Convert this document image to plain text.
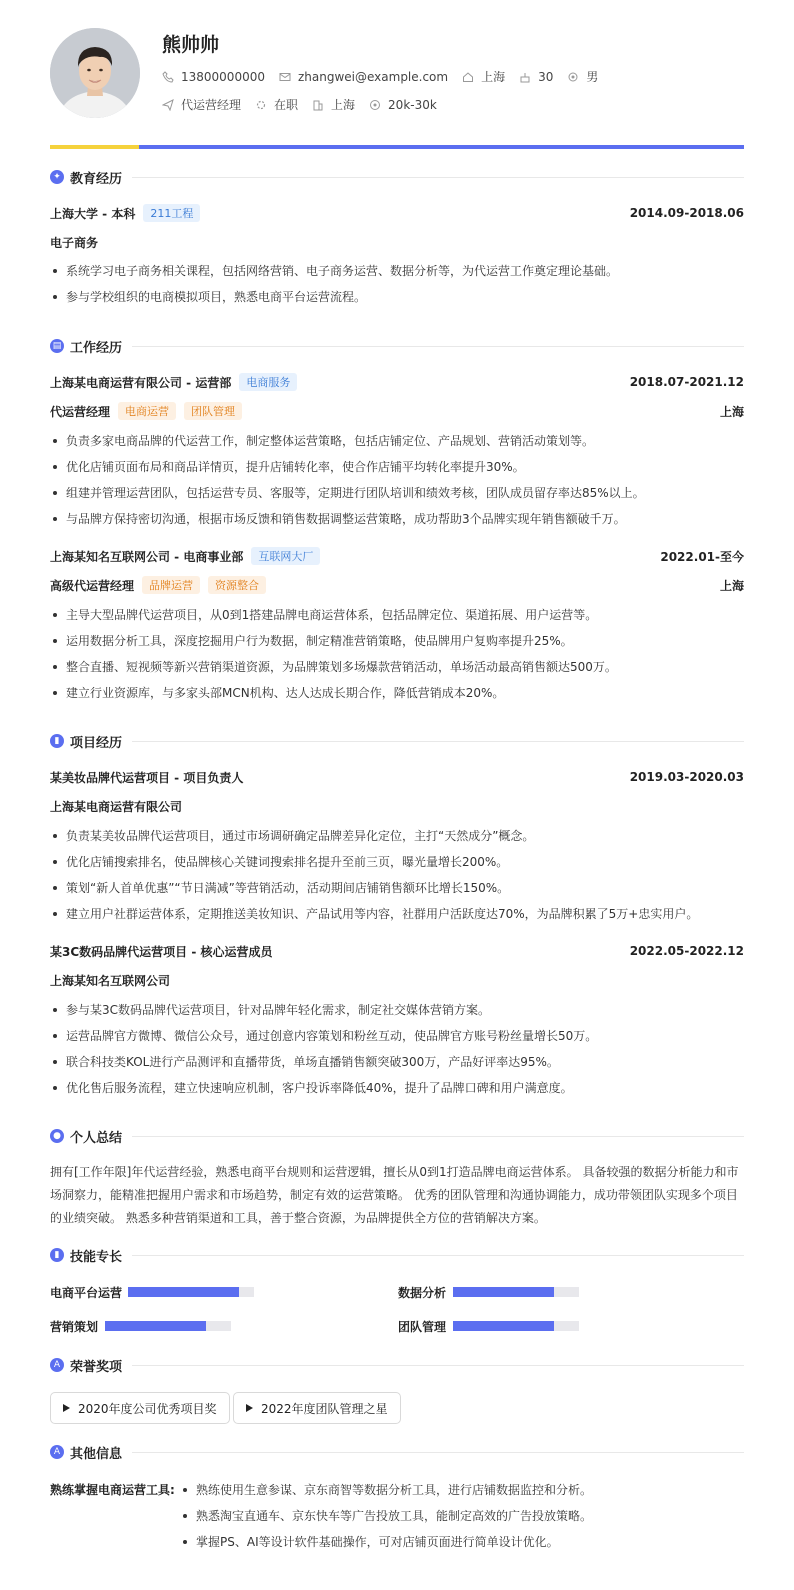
熊帅帅
13800000000	zhangwei@example.com	上海	30	男
代运营经理	在职	上海	20k-30k
✦ 教育经历
上海大学 - 本科	211工程	2014.09-2018.06
电子商务
系统学习电子商务相关课程，包括网络营销、电子商务运营、数据分析等，为代运营工作奠定理论基础。
参与学校组织的电商模拟项目，熟悉电商平台运营流程。
▤ 工作经历
上海某电商运营有限公司 - 运营部	电商服务	2018.07-2021.12
代运营经理	电商运营	团队管理	上海
负责多家电商品牌的代运营工作，制定整体运营策略，包括店铺定位、产品规划、营销活动策划等。
优化店铺页面布局和商品详情页，提升店铺转化率，使合作店铺平均转化率提升30%。
组建并管理运营团队，包括运营专员、客服等，定期进行团队培训和绩效考核，团队成员留存率达85%以上。
与品牌方保持密切沟通，根据市场反馈和销售数据调整运营策略，成功帮助3个品牌实现年销售额破千万。
上海某知名互联网公司 - 电商事业部	互联网大厂	2022.01-至今
高级代运营经理	品牌运营	资源整合	上海
主导大型品牌代运营项目，从0到1搭建品牌电商运营体系，包括品牌定位、渠道拓展、用户运营等。
运用数据分析工具，深度挖掘用户行为数据，制定精准营销策略，使品牌用户复购率提升25%。
整合直播、短视频等新兴营销渠道资源，为品牌策划多场爆款营销活动，单场活动最高销售额达500万。
建立行业资源库，与多家头部MCN机构、达人达成长期合作，降低营销成本20%。
▮ 项目经历
某美妆品牌代运营项目 - 项目负责人	2019.03-2020.03
上海某电商运营有限公司
负责某美妆品牌代运营项目，通过市场调研确定品牌差异化定位，主打“天然成分”概念。
优化店铺搜索排名，使品牌核心关键词搜索排名提升至前三页，曝光量增长200%。
策划“新人首单优惠”“节日满减”等营销活动，活动期间店铺销售额环比增长150%。
建立用户社群运营体系，定期推送美妆知识、产品试用等内容，社群用户活跃度达70%，为品牌积累了5万+忠实用户。
某3C数码品牌代运营项目 - 核心运营成员	2022.05-2022.12
上海某知名互联网公司
参与某3C数码品牌代运营项目，针对品牌年轻化需求，制定社交媒体营销方案。
运营品牌官方微博、微信公众号，通过创意内容策划和粉丝互动，使品牌官方账号粉丝量增长50万。
联合科技类KOL进行产品测评和直播带货，单场直播销售额突破300万，产品好评率达95%。
优化售后服务流程，建立快速响应机制，客户投诉率降低40%，提升了品牌口碑和用户满意度。
● 个人总结
拥有[工作年限]年代运营经验，熟悉电商平台规则和运营逻辑，擅长从0到1打造品牌电商运营体系。 具备较强的数据分析能力和市场洞察力，能精准把握用户需求和市场趋势，制定有效的运营策略。 优秀的团队管理和沟通协调能力，成功带领团队实现多个项目的业绩突破。 熟悉多种营销渠道和工具，善于整合资源，为品牌提供全方位的营销解决方案。
▮ 技能专长
电商平台运营	数据分析
营销策划	团队管理
A 荣誉奖项
2020年度公司优秀项目奖	2022年度团队管理之星
A 其他信息
熟练掌握电商运营工具:	熟练使用生意参谋、京东商智等数据分析工具，进行店铺数据监控和分析。
熟悉淘宝直通车、京东快车等广告投放工具，能制定高效的广告投放策略。
掌握PS、AI等设计软件基础操作，可对店铺页面进行简单设计优化。
